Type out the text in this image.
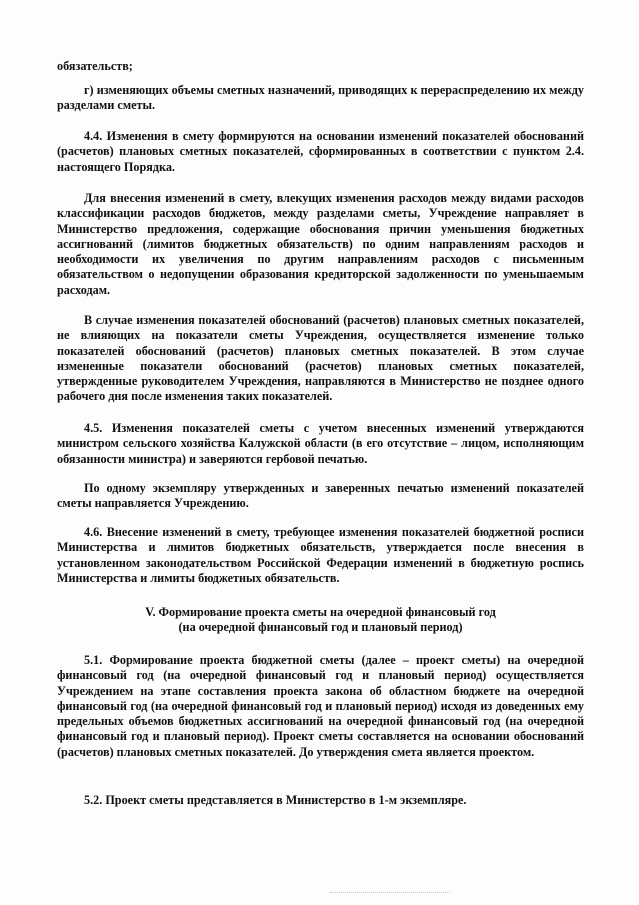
обязательств;
г) изменяющих объемы сметных назначений, приводящих к перераспределению их между разделами сметы.
4.4. Изменения в смету формируются на основании изменений показателей обоснований (расчетов) плановых сметных показателей, сформированных в соответствии с пунктом 2.4. настоящего Порядка.
Для внесения изменений в смету, влекущих изменения расходов между видами расходов классификации расходов бюджетов, между разделами сметы, Учреждение направляет в Министерство предложения, содержащие обоснования причин уменьшения бюджетных ассигнований (лимитов бюджетных обязательств) по одним направлениям расходов и необходимости их увеличения по другим направлениям расходов с письменным обязательством о недопущении образования кредиторской задолженности по уменьшаемым расходам.
В случае изменения показателей обоснований (расчетов) плановых сметных показателей, не влияющих на показатели сметы Учреждения, осуществляется изменение только показателей обоснований (расчетов) плановых сметных показателей. В этом случае измененные показатели обоснований (расчетов) плановых сметных показателей, утвержденные руководителем Учреждения, направляются в Министерство не позднее одного рабочего дня после изменения таких показателей.
4.5. Изменения показателей сметы с учетом внесенных изменений утверждаются министром сельского хозяйства Калужской области (в его отсутствие – лицом, исполняющим обязанности министра) и заверяются гербовой печатью.
По одному экземпляру утвержденных и заверенных печатью изменений показателей сметы направляется Учреждению.
4.6. Внесение изменений в смету, требующее изменения показателей бюджетной росписи Министерства и лимитов бюджетных обязательств, утверждается после внесения в установленном законодательством Российской Федерации изменений в бюджетную роспись Министерства и лимиты бюджетных обязательств.
V. Формирование проекта сметы на очередной финансовый год
(на очередной финансовый год и плановый период)
5.1. Формирование проекта бюджетной сметы (далее – проект сметы) на очередной финансовый год (на очередной финансовый год и плановый период) осуществляется Учреждением на этапе составления проекта закона об областном бюджете на очередной финансовый год (на очередной финансовый год и плановый период) исходя из доведенных ему предельных объемов бюджетных ассигнований на очередной финансовый год (на очередной финансовый год и плановый период). Проект сметы составляется на основании обоснований (расчетов) плановых сметных показателей. До утверждения смета является проектом.
5.2. Проект сметы представляется в Министерство в 1-м экземпляре.
